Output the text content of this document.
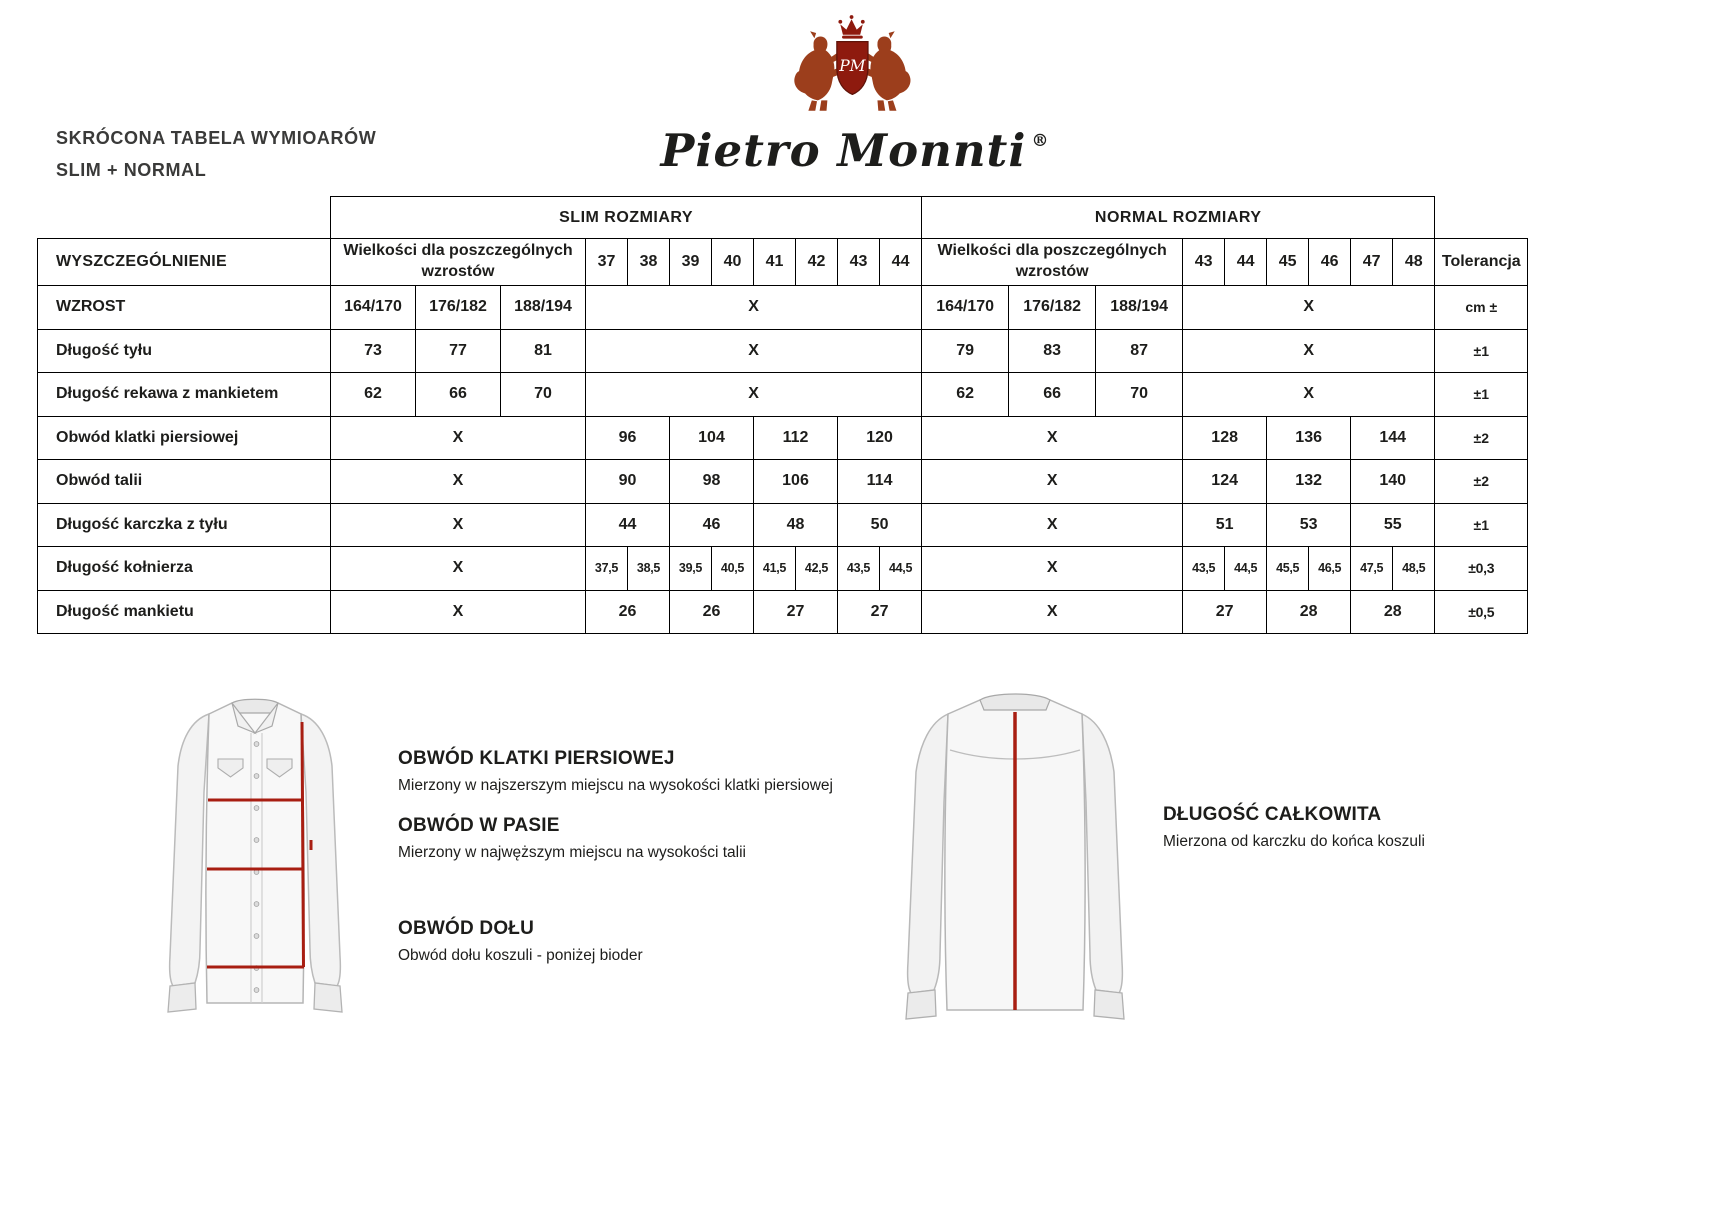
SKRÓCONA TABELA WYMIOARÓW
SLIM + NORMAL
PM
Pietro Monnti ®
	SLIM ROZMIARY											NORMAL ROZMIARY									
WYSZCZEGÓLNIENIE	Wielkości dla poszczególnych wzrostów			37	38	39	40	41	42	43	44	Wielkości dla poszczególnych wzrostów			43	44	45	46	47	48	Tolerancja
WZROST	164/170	176/182	188/194	X								164/170	176/182	188/194	X						cm ±
Długość tyłu	73	77	81	X								79	83	87	X						±1
Długość rekawa z mankietem	62	66	70	X								62	66	70	X						±1
Obwód klatki piersiowej	X			96		104		112		120		X			128		136		144		±2
Obwód talii	X			90		98		106		114		X			124		132		140		±2
Długość karczka z tyłu	X			44		46		48		50		X			51		53		55		±1
Długość kołnierza	X			37,5	38,5	39,5	40,5	41,5	42,5	43,5	44,5	X			43,5	44,5	45,5	46,5	47,5	48,5	±0,3
Długość mankietu	X			26		26		27		27		X			27		28		28		±0,5
OBWÓD KLATKI PIERSIOWEJ
Mierzony w najszerszym miejscu na wysokości klatki piersiowej
OBWÓD W PASIE
Mierzony w najwęższym miejscu na wysokości talii
OBWÓD DOŁU
Obwód dołu koszuli - poniżej bioder
DŁUGOŚĆ CAŁKOWITA
Mierzona od karczku do końca koszuli
